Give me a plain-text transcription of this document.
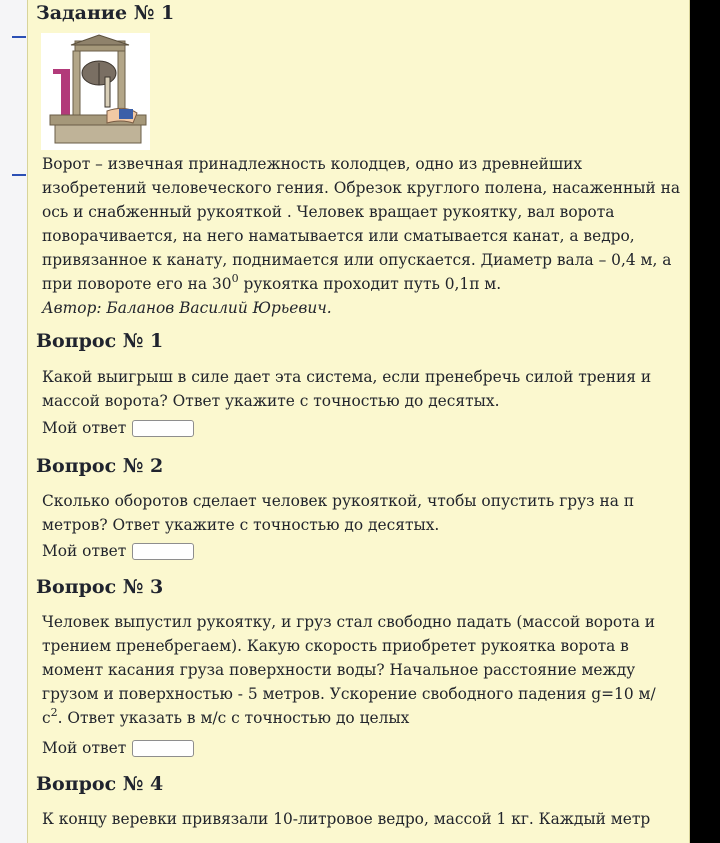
Задание № 1
Ворот – извечная принадлежность колодцев, одно из древнейших
изобретений человеческого гения. Обрезок круглого полена, насаженный на
ось и снабженный рукояткой . Человек вращает рукоятку, вал ворота
поворачивается, на него наматывается или сматывается канат, а ведро,
привязанное к канату, поднимается или опускается. Диаметр вала – 0,4 м, а
при повороте его на $30^0$ рукоятка проходит путь 0,1π м.
Автор: Баланов Василий Юрьевич.
Вопрос № 1
Какой выигрыш в силе дает эта система, если пренебречь силой трения и
массой ворота? Ответ укажите с точностью до десятых.
Мой ответ
Вопрос № 2
Сколько оборотов сделает человек рукояткой, чтобы опустить груз на π
метров? Ответ укажите с точностью до десятых.
Мой ответ
Вопрос № 3
Человек выпустил рукоятку, и груз стал свободно падать (массой ворота и
трением пренебрегаем). Какую скорость приобретет рукоятка ворота в
момент касания груза поверхности воды? Начальное расстояние между
грузом и поверхностью - 5 метров. Ускорение свободного падения g=10 м/
$с^2$. Ответ указать в м/с с точностью до целых
Мой ответ
Вопрос № 4
К концу веревки привязали 10-литровое ведро, массой 1 кг. Каждый метр
